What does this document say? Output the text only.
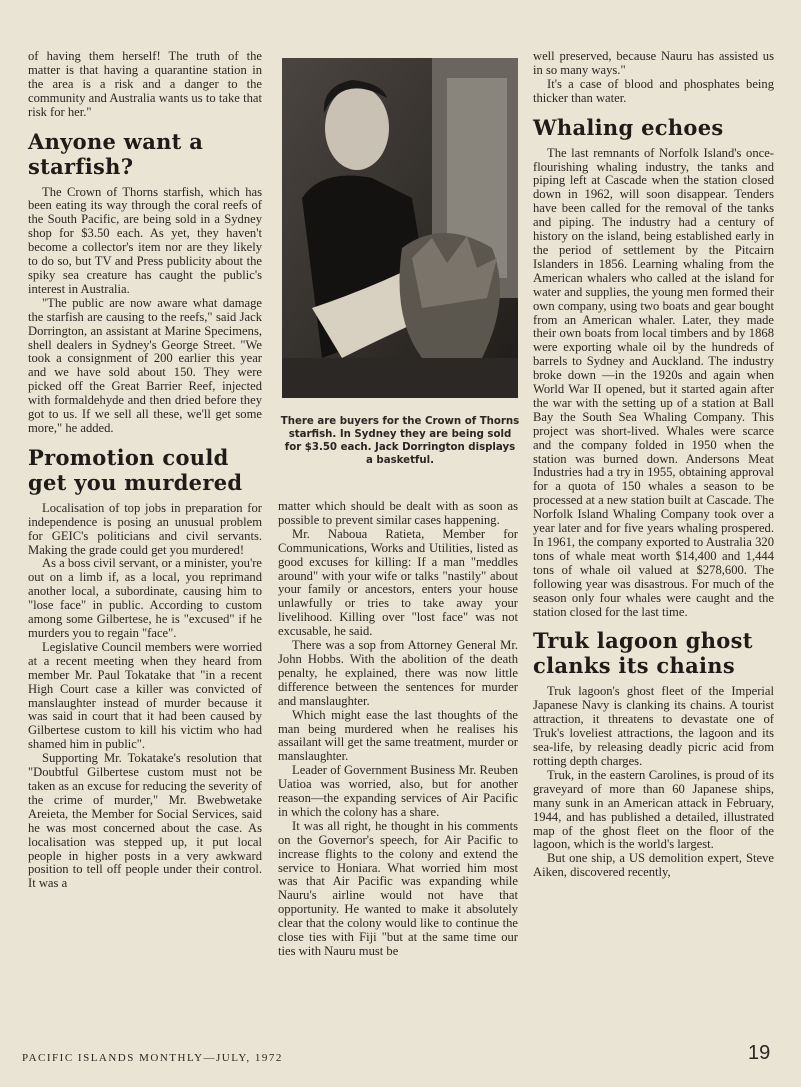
of having them herself! The truth of the matter is that having a quarantine station in the area is a risk and a danger to the community and Australia wants us to take that risk for her."

Anyone want a starfish?

The Crown of Thorns starfish, which has been eating its way through the coral reefs of the South Pacific, are being sold in a Sydney shop for $3.50 each. As yet, they haven't become a collector's item nor are they likely to do so, but TV and Press publicity about the spiky sea creature has caught the public's interest in Australia.

"The public are now aware what damage the starfish are causing to the reefs," said Jack Dorrington, an assistant at Marine Specimens, shell dealers in Sydney's George Street. "We took a consignment of 200 earlier this year and we have sold about 150. They were picked off the Great Barrier Reef, injected with formaldehyde and then dried before they got to us. If we sell all these, we'll get some more," he added.

Promotion could get you murdered

Localisation of top jobs in preparation for independence is posing an unusual problem for GEIC's politicians and civil servants. Making the grade could get you murdered!

As a boss civil servant, or a minister, you're out on a limb if, as a local, you reprimand another local, a subordinate, causing him to "lose face" in public. According to custom among some Gilbertese, he is "excused" if he murders you to regain "face".

Legislative Council members were worried at a recent meeting when they heard from member Mr. Paul Tokatake that "in a recent High Court case a killer was convicted of manslaughter instead of murder because it was said in court that it had been caused by Gilbertese custom to kill his victim who had shamed him in public".

Supporting Mr. Tokatake's resolution that "Doubtful Gilbertese custom must not be taken as an excuse for reducing the severity of the crime of murder," Mr. Bwebwetake Areieta, the Member for Social Services, said he was most concerned about the case. As localisation was stepped up, it put local people in higher posts in a very awkward position to tell off people under their control. It was a

There are buyers for the Crown of Thorns starfish. In Sydney they are being sold for $3.50 each. Jack Dorrington displays a basketful.

matter which should be dealt with as soon as possible to prevent similar cases happening.

Mr. Naboua Ratieta, Member for Communications, Works and Utilities, listed as good excuses for killing: If a man "meddles around" with your wife or talks "nastily" about your family or ancestors, enters your house unlawfully or tries to take away your livelihood. Killing over "lost face" was not excusable, he said.

There was a sop from Attorney General Mr. John Hobbs. With the abolition of the death penalty, he explained, there was now little difference between the sentences for murder and manslaughter.

Which might ease the last thoughts of the man being murdered when he realises his assailant will get the same treatment, murder or manslaughter.

Leader of Government Business Mr. Reuben Uatioa was worried, also, but for another reason—the expanding services of Air Pacific in which the colony has a share.

It was all right, he thought in his comments on the Governor's speech, for Air Pacific to increase flights to the colony and extend the service to Honiara. What worried him most was that Air Pacific was expanding while Nauru's airline would not have that opportunity. He wanted to make it absolutely clear that the colony would like to continue the close ties with Fiji "but at the same time our ties with Nauru must be

well preserved, because Nauru has assisted us in so many ways."

It's a case of blood and phosphates being thicker than water.

Whaling echoes

The last remnants of Norfolk Island's once-flourishing whaling industry, the tanks and piping left at Cascade when the station closed down in 1962, will soon disappear. Tenders have been called for the removal of the tanks and piping. The industry had a century of history on the island, being established early in the period of settlement by the Pitcairn Islanders in 1856. Learning whaling from the American whalers who called at the island for water and supplies, the young men formed their own company, using two boats and gear bought from an American whaler. Later, they made their own boats from local timbers and by 1868 were exporting whale oil by the hundreds of barrels to Sydney and Auckland. The industry broke down —in the 1920s and again when World War II opened, but it started again after the war with the setting up of a station at Ball Bay the South Sea Whaling Company. This project was short-lived. Whales were scarce and the company folded in 1950 when the station was burned down. Andersons Meat Industries had a try in 1955, obtaining approval for a quota of 150 whales a season to be processed at a new station built at Cascade. The Norfolk Island Whaling Company took over a year later and for five years whaling prospered. In 1961, the company exported to Australia 320 tons of whale meat worth $14,400 and 1,444 tons of whale oil valued at $278,600. The following year was disastrous. For much of the season only four whales were caught and the station closed for the last time.

Truk lagoon ghost clanks its chains

Truk lagoon's ghost fleet of the Imperial Japanese Navy is clanking its chains. A tourist attraction, it threatens to devastate one of Truk's loveliest attractions, the lagoon and its sea-life, by releasing deadly picric acid from rotting depth charges.

Truk, in the eastern Carolines, is proud of its graveyard of more than 60 Japanese ships, many sunk in an American attack in February, 1944, and has published a detailed, illustrated map of the ghost fleet on the floor of the lagoon, which is the world's largest.

But one ship, a US demolition expert, Steve Aiken, discovered recently,

PACIFIC ISLANDS MONTHLY—JULY, 1972	19
